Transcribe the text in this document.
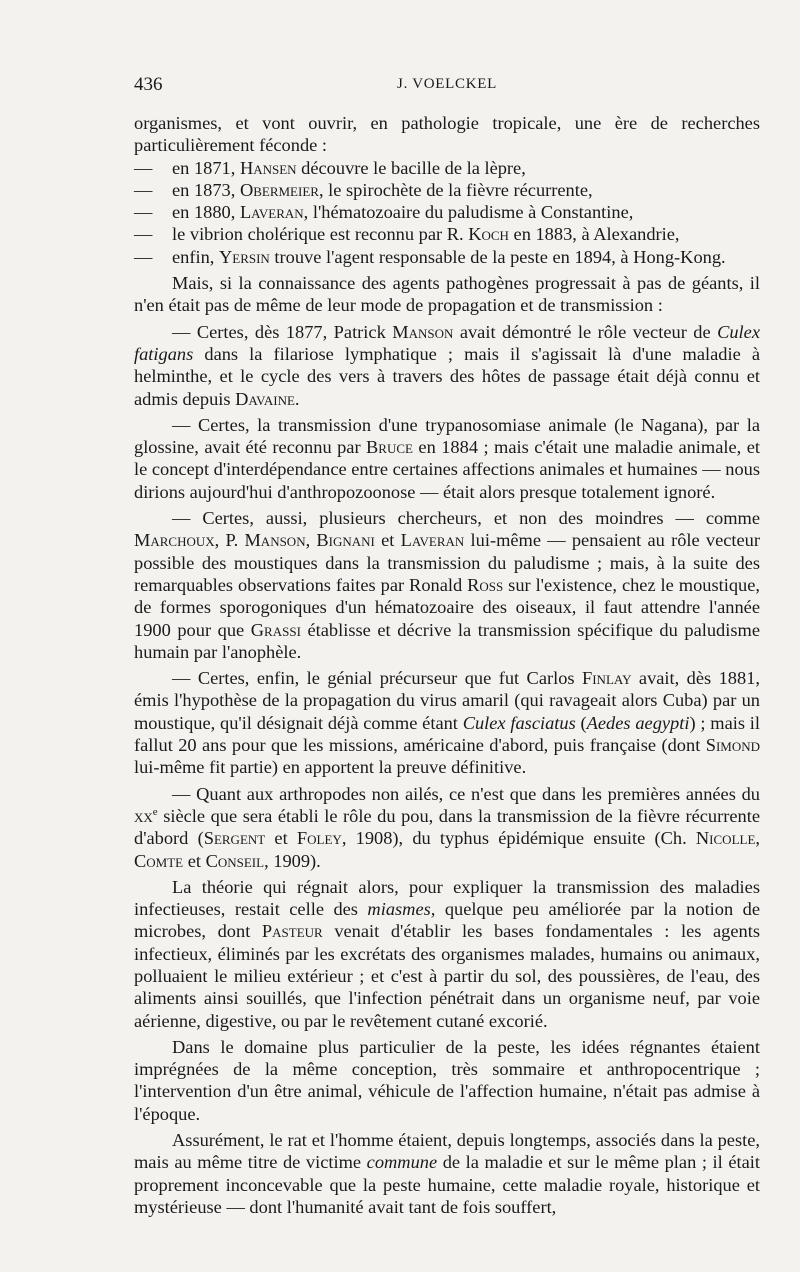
436	J. VOELCKEL

organismes, et vont ouvrir, en pathologie tropicale, une ère de recherches particulièrement féconde :

— en 1871, Hansen découvre le bacille de la lèpre,

— en 1873, Obermeier, le spirochète de la fièvre récurrente,

— en 1880, Laveran, l'hématozoaire du paludisme à Constantine,

— le vibrion cholérique est reconnu par R. Koch en 1883, à Alexandrie,

— enfin, Yersin trouve l'agent responsable de la peste en 1894, à Hong-Kong.

Mais, si la connaissance des agents pathogènes progressait à pas de géants, il n'en était pas de même de leur mode de propagation et de transmission :

— Certes, dès 1877, Patrick Manson avait démontré le rôle vecteur de Culex fatigans dans la filariose lymphatique ; mais il s'agissait là d'une maladie à helminthe, et le cycle des vers à travers des hôtes de passage était déjà connu et admis depuis Davaine.

— Certes, la transmission d'une trypanosomiase animale (le Nagana), par la glossine, avait été reconnu par Bruce en 1884 ; mais c'était une maladie animale, et le concept d'interdépendance entre certaines affections animales et humaines — nous dirions aujourd'hui d'anthropozoonose — était alors presque totalement ignoré.

— Certes, aussi, plusieurs chercheurs, et non des moindres — comme Marchoux, P. Manson, Bignani et Laveran lui-même — pensaient au rôle vecteur possible des moustiques dans la transmission du paludisme ; mais, à la suite des remarquables observations faites par Ronald Ross sur l'existence, chez le moustique, de formes sporogoniques d'un hématozoaire des oiseaux, il faut attendre l'année 1900 pour que Grassi établisse et décrive la transmission spécifique du paludisme humain par l'anophèle.

— Certes, enfin, le génial précurseur que fut Carlos Finlay avait, dès 1881, émis l'hypothèse de la propagation du virus amaril (qui ravageait alors Cuba) par un moustique, qu'il désignait déjà comme étant Culex fasciatus (Aedes aegypti) ; mais il fallut 20 ans pour que les missions, américaine d'abord, puis française (dont Simond lui-même fit partie) en apportent la preuve définitive.

— Quant aux arthropodes non ailés, ce n'est que dans les premières années du $xx^e$ siècle que sera établi le rôle du pou, dans la transmission de la fièvre récurrente d'abord (Sergent et Foley, 1908), du typhus épidémique ensuite (Ch. Nicolle, Comte et Conseil, 1909).

La théorie qui régnait alors, pour expliquer la transmission des maladies infectieuses, restait celle des miasmes, quelque peu améliorée par la notion de microbes, dont Pasteur venait d'établir les bases fondamentales : les agents infectieux, éliminés par les excrétats des organismes malades, humains ou animaux, polluaient le milieu extérieur ; et c'est à partir du sol, des poussières, de l'eau, des aliments ainsi souillés, que l'infection pénétrait dans un organisme neuf, par voie aérienne, digestive, ou par le revêtement cutané excorié.

Dans le domaine plus particulier de la peste, les idées régnantes étaient imprégnées de la même conception, très sommaire et anthropocentrique ; l'intervention d'un être animal, véhicule de l'affection humaine, n'était pas admise à l'époque.

Assurément, le rat et l'homme étaient, depuis longtemps, associés dans la peste, mais au même titre de victime commune de la maladie et sur le même plan ; il était proprement inconcevable que la peste humaine, cette maladie royale, historique et mystérieuse — dont l'humanité avait tant de fois souffert,
